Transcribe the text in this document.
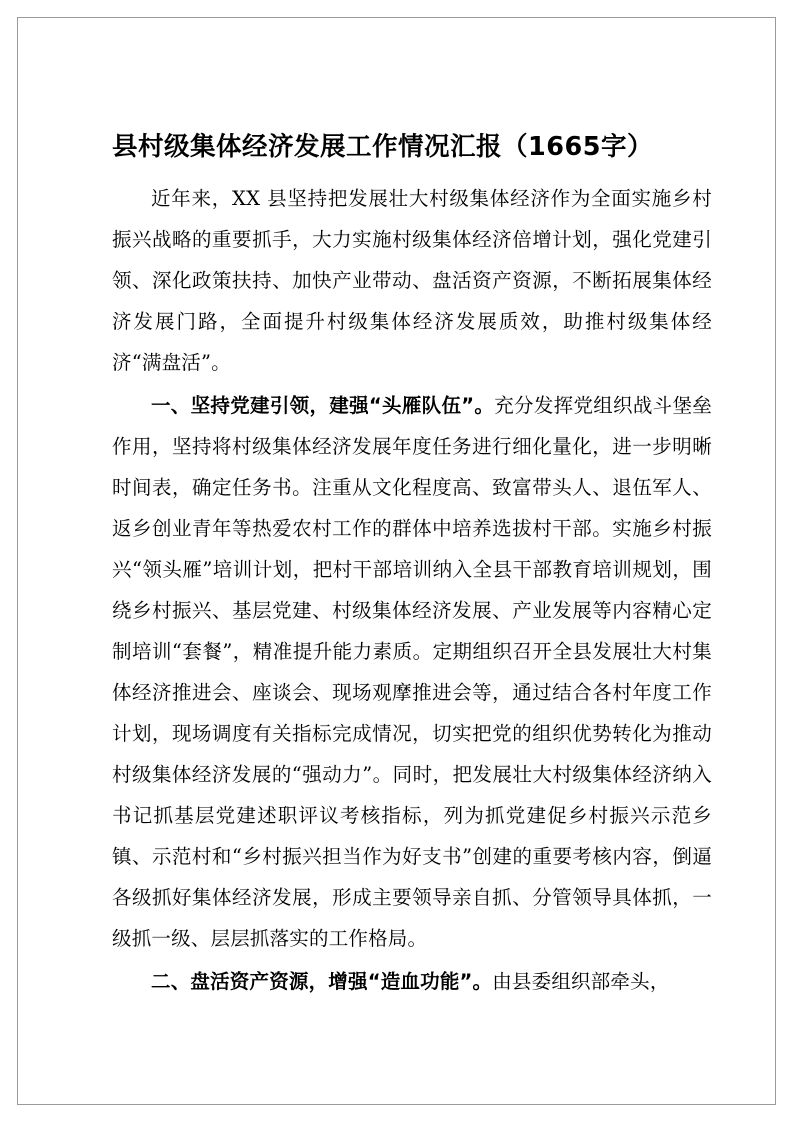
县村级集体经济发展工作情况汇报（1665字）

近年来，XX 县坚持把发展壮大村级集体经济作为全面实施乡村振兴战略的重要抓手，大力实施村级集体经济倍增计划，强化党建引领、深化政策扶持、加快产业带动、盘活资产资源，不断拓展集体经济发展门路，全面提升村级集体经济发展质效，助推村级集体经济“满盘活”。

一、坚持党建引领，建强“头雁队伍”。充分发挥党组织战斗堡垒作用，坚持将村级集体经济发展年度任务进行细化量化，进一步明晰时间表，确定任务书。注重从文化程度高、致富带头人、退伍军人、返乡创业青年等热爱农村工作的群体中培养选拔村干部。实施乡村振兴“领头雁”培训计划，把村干部培训纳入全县干部教育培训规划，围绕乡村振兴、基层党建、村级集体经济发展、产业发展等内容精心定制培训“套餐”，精准提升能力素质。定期组织召开全县发展壮大村集体经济推进会、座谈会、现场观摩推进会等，通过结合各村年度工作计划，现场调度有关指标完成情况，切实把党的组织优势转化为推动村级集体经济发展的“强动力”。同时，把发展壮大村级集体经济纳入书记抓基层党建述职评议考核指标，列为抓党建促乡村振兴示范乡镇、示范村和“乡村振兴担当作为好支书”创建的重要考核内容，倒逼各级抓好集体经济发展，形成主要领导亲自抓、分管领导具体抓，一级抓一级、层层抓落实的工作格局。

二、盘活资产资源，增强“造血功能”。由县委组织部牵头，
